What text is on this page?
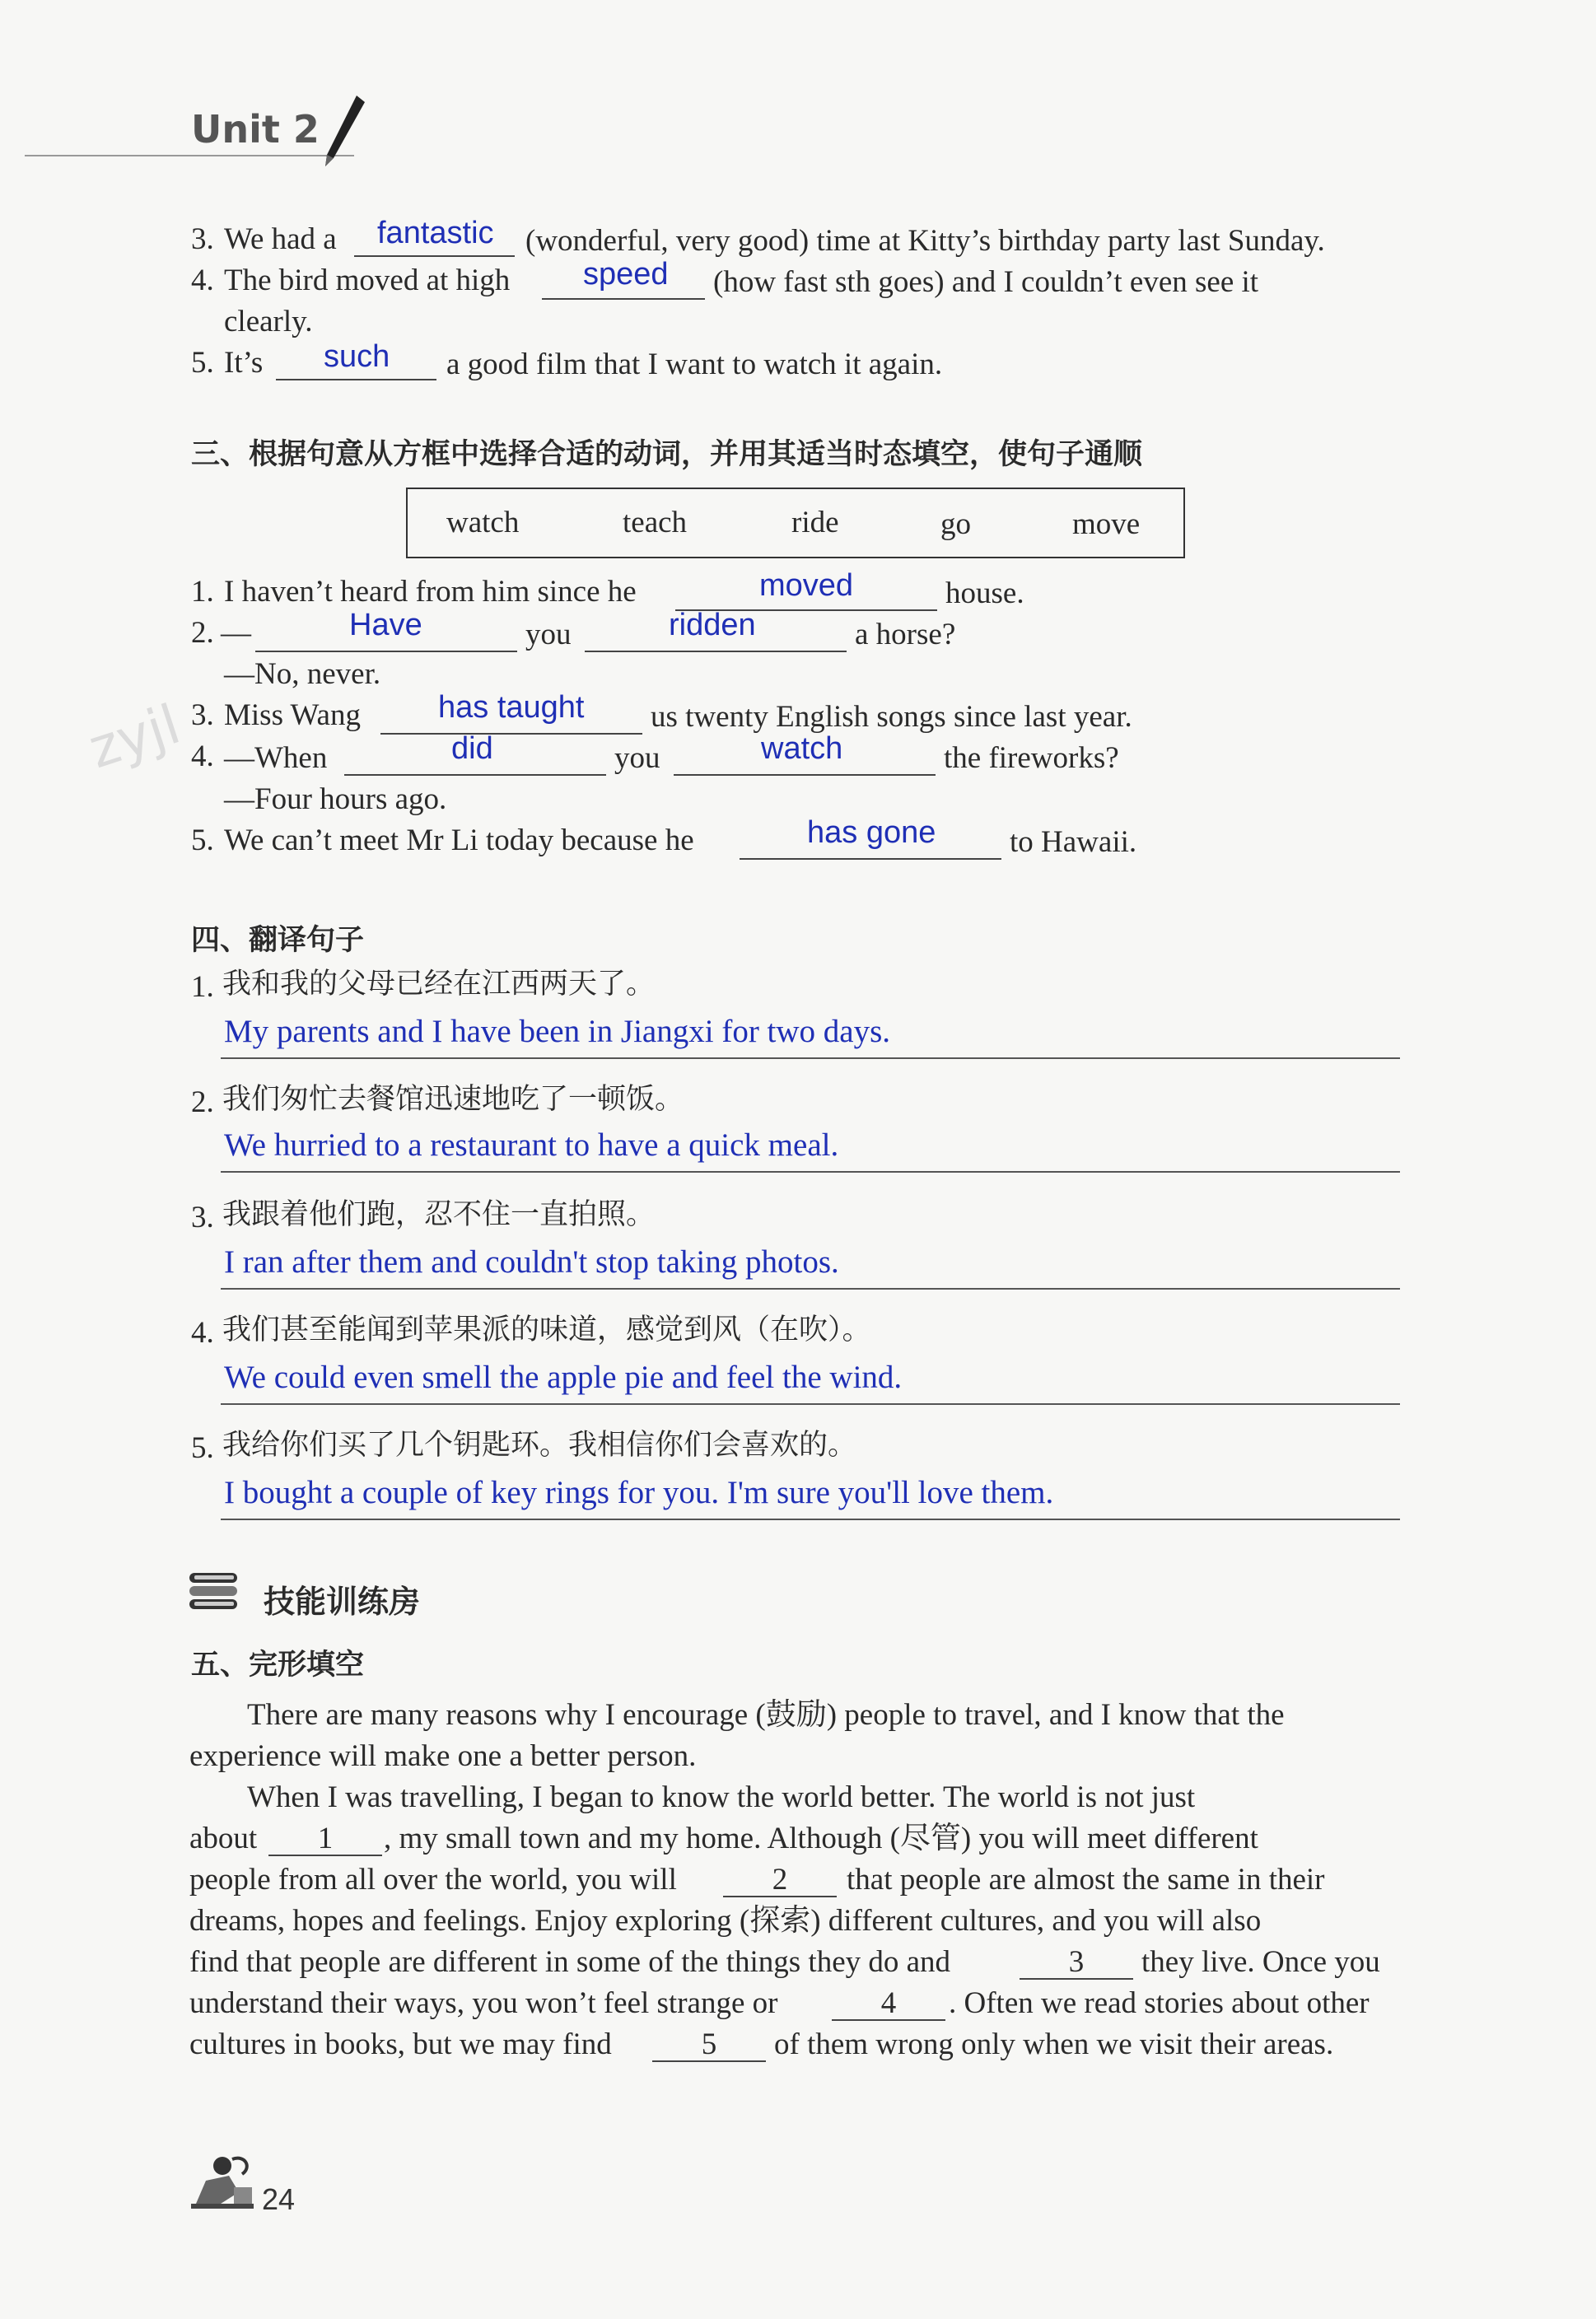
Unit 2
3. We had a fantastic (wonderful, very good) time at Kitty’s birthday party last Sunday.
4. The bird moved at high speed (how fast sth goes) and I couldn’t even see it
clearly.
5. It’s such a good film that I want to watch it again.
三、根据句意从方框中选择合适的动词，并用其适当时态填空，使句子通顺
watch	teach	ride	go	move
1. I haven’t heard from him since he	moved	house.
2. —	Have	you	ridden	a horse?
—No, never.
zyjl 3. Miss Wang has taught us twenty English songs since last year.
4. —When	did	you	watch	the fireworks?
—Four hours ago.
5. We can’t meet Mr Li today because he	has gone to Hawaii.
四、翻译句子
1. 我和我的父母已经在江西两天了。
My parents and I have been in Jiangxi for two days.
2. 我们匆忙去餐馆迅速地吃了一顿饭。
We hurried to a restaurant to have a quick meal.
3. 我跟着他们跑，忍不住一直拍照。
I ran after them and couldn't stop taking photos.
4. 我们甚至能闻到苹果派的味道，感觉到风（在吹）。
We could even smell the apple pie and feel the wind.
5. 我给你们买了几个钥匙环。我相信你们会喜欢的。
I bought a couple of key rings for you. I'm sure you'll love them.
技能训练房
五、完形填空
There are many reasons why I encourage (鼓励) people to travel, and I know that the
experience will make one a better person.
When I was travelling, I began to know the world better. The world is not just
about	1	, my small town and my home. Although (尽管) you will meet different
people from all over the world, you will	2	that people are almost the same in their
dreams, hopes and feelings. Enjoy exploring (探索) different cultures, and you will also
find that people are different in some of the things they do and	3	they live. Once you
understand their ways, you won’t feel strange or	4	. Often we read stories about other
cultures in books, but we may find	5	of them wrong only when we visit their areas.
24
